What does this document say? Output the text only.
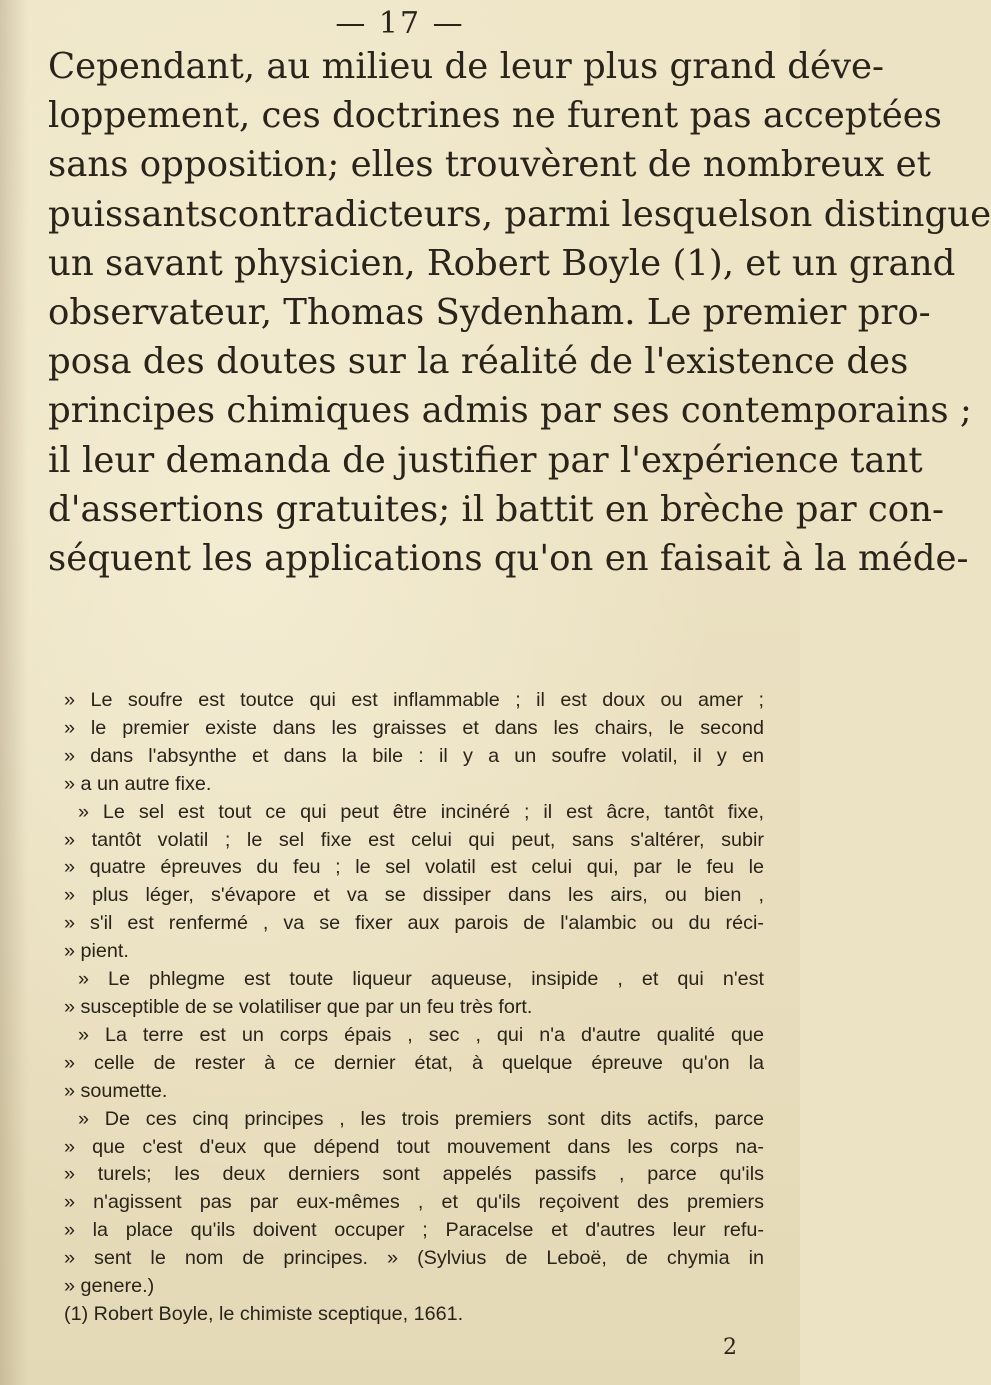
— 17 —
Cependant, au milieu de leur plus grand déve-
loppement, ces doctrines ne furent pas acceptées
sans opposition; elles trouvèrent de nombreux et
puissantscontradicteurs, parmi lesquelson distingue
un savant physicien, Robert Boyle (1), et un grand
observateur, Thomas Sydenham. Le premier pro-
posa des doutes sur la réalité de l'existence des
principes chimiques admis par ses contemporains ;
il leur demanda de justifier par l'expérience tant
d'assertions gratuites; il battit en brèche par con-
séquent les applications qu'on en faisait à la méde-
» Le soufre est toutce qui est inflammable ; il est doux ou amer ;
» le premier existe dans les graisses et dans les chairs, le second
» dans l'absynthe et dans la bile : il y a un soufre volatil, il y en
» a un autre fixe.
» Le sel est tout ce qui peut être incinéré ; il est âcre, tantôt fixe,
» tantôt volatil ; le sel fixe est celui qui peut, sans s'altérer, subir
» quatre épreuves du feu ; le sel volatil est celui qui, par le feu le
» plus léger, s'évapore et va se dissiper dans les airs, ou bien ,
» s'il est renfermé , va se fixer aux parois de l'alambic ou du réci-
» pient.
» Le phlegme est toute liqueur aqueuse, insipide , et qui n'est
» susceptible de se volatiliser que par un feu très fort.
» La terre est un corps épais , sec , qui n'a d'autre qualité que
» celle de rester à ce dernier état, à quelque épreuve qu'on la
» soumette.
» De ces cinq principes , les trois premiers sont dits actifs, parce
» que c'est d'eux que dépend tout mouvement dans les corps na-
» turels; les deux derniers sont appelés passifs , parce qu'ils
» n'agissent pas par eux-mêmes , et qu'ils reçoivent des premiers
» la place qu'ils doivent occuper ; Paracelse et d'autres leur refu-
» sent le nom de principes. » (Sylvius de Leboë, de chymia in
» genere.)
(1) Robert Boyle, le chimiste sceptique, 1661.
2
